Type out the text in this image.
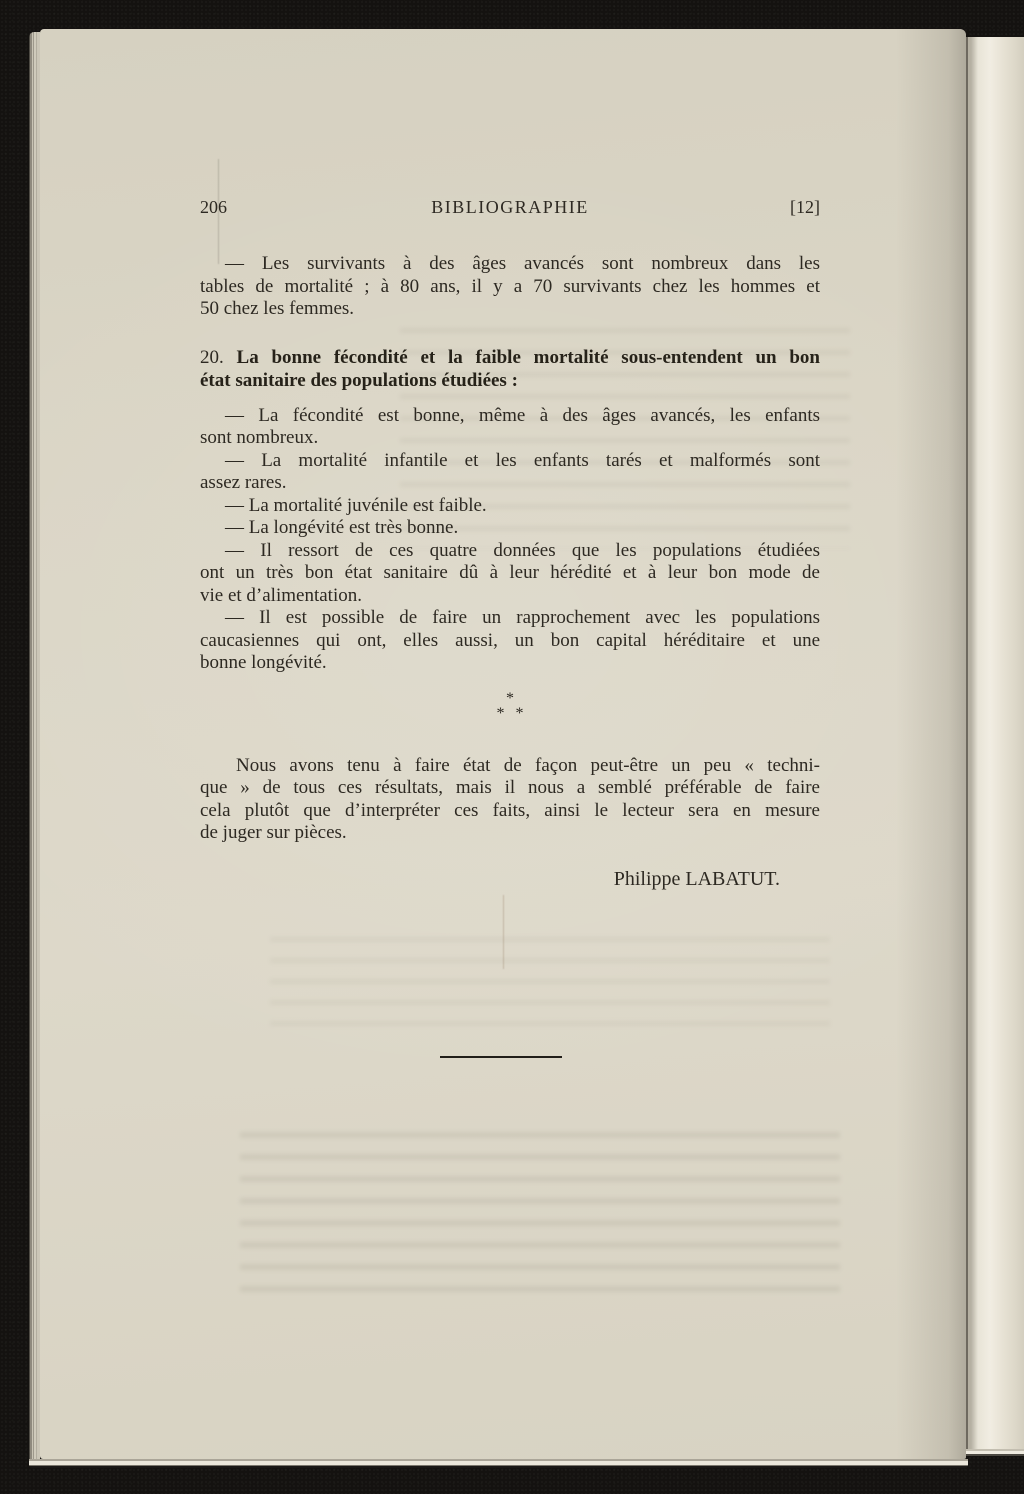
206	BIBLIOGRAPHIE	[12]
— Les survivants à des âges avancés sont nombreux dans les
tables de mortalité ; à 80 ans, il y a 70 survivants chez les hommes et
50 chez les femmes.
20. La bonne fécondité et la faible mortalité sous-entendent un bon
état sanitaire des populations étudiées :
— La fécondité est bonne, même à des âges avancés, les enfants
sont nombreux.
— La mortalité infantile et les enfants tarés et malformés sont
assez rares.
— La mortalité juvénile est faible.
— La longévité est très bonne.
— Il ressort de ces quatre données que les populations étudiées
ont un très bon état sanitaire dû à leur hérédité et à leur bon mode de
vie et d’alimentation.
— Il est possible de faire un rapprochement avec les populations
caucasiennes qui ont, elles aussi, un bon capital héréditaire et une
bonne longévité.
*
* *
Nous avons tenu à faire état de façon peut-être un peu « techni-
que » de tous ces résultats, mais il nous a semblé préférable de faire
cela plutôt que d’interpréter ces faits, ainsi le lecteur sera en mesure
de juger sur pièces.
Philippe LABATUT.
